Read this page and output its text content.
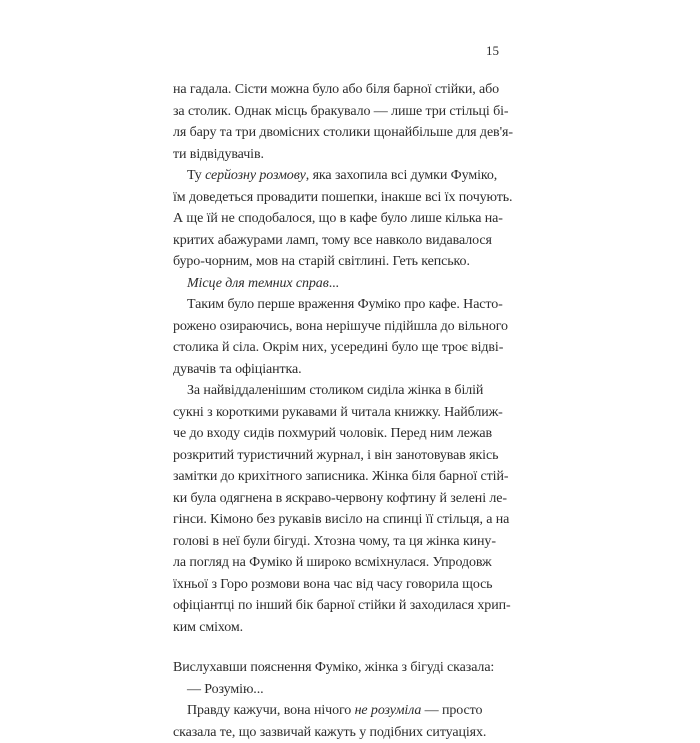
15
на гадала. Сісти можна було або біля барної стійки, або
за столик. Однак місць бракувало — лише три стільці бі-
ля бару та три двомісних столики щонайбільше для дев'я-
ти відвідувачів.
Ту серйозну розмову, яка захопила всі думки Фуміко,
їм доведеться провадити пошепки, інакше всі їх почують.
А ще їй не сподобалося, що в кафе було лише кілька на-
критих абажурами ламп, тому все навколо видавалося
буро-чорним, мов на старій світлині. Геть кепсько.
Місце для темних справ...
Таким було перше враження Фуміко про кафе. Насто-
рожено озираючись, вона нерішуче підійшла до вільного
столика й сіла. Окрім них, усередині було ще троє відві-
дувачів та офіціантка.
За найвіддаленішим столиком сиділа жінка в білій
сукні з короткими рукавами й читала книжку. Найближ-
че до входу сидів похмурий чоловік. Перед ним лежав
розкритий туристичний журнал, і він занотовував якісь
замітки до крихітного записника. Жінка біля барної стій-
ки була одягнена в яскраво-червону кофтину й зелені ле-
гінси. Кімоно без рукавів висіло на спинці її стільця, а на
голові в неї були бігуді. Хтозна чому, та ця жінка кину-
ла погляд на Фуміко й широко всміхнулася. Упродовж
їхньої з Горо розмови вона час від часу говорила щось
офіціантці по інший бік барної стійки й заходилася хрип-
ким сміхом.
Вислухавши пояснення Фуміко, жінка з бігуді сказала:
— Розумію...
Правду кажучи, вона нічого не розуміла — просто
сказала те, що зазвичай кажуть у подібних ситуаціях.
